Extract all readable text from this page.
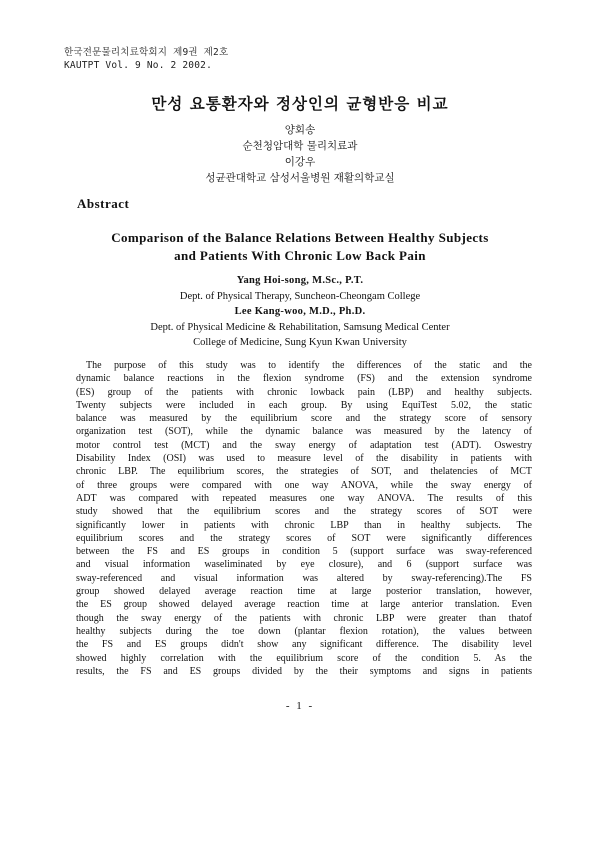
한국전문물리치료학회지 제9권 제2호
KAUTPT Vol. 9 No. 2 2002.
만성 요통환자와 정상인의 균형반응 비교
양회송
순천청암대학 물리치료과
이강우
성균관대학교 삼성서울병원 재활의학교실
Abstract
Comparison of the Balance Relations Between Healthy Subjects
and Patients With Chronic Low Back Pain
Yang Hoi-song, M.Sc., P.T.
Dept. of Physical Therapy, Suncheon-Cheongam College
Lee Kang-woo, M.D., Ph.D.
Dept. of Physical Medicine & Rehabilitation, Samsung Medical Center
College of Medicine, Sung Kyun Kwan University
The purpose of this study was to identify the differences of the static and the
dynamic balance reactions in the flexion syndrome (FS) and the extension syndrome
(ES) group of the patients with chronic lowback pain (LBP) and healthy subjects.
Twenty subjects were included in each group. By using EquiTest 5.02, the static
balance was measured by the equilibrium score and the strategy score of sensory
organization test (SOT), while the dynamic balance was measured by the latency of
motor control test (MCT) and the sway energy of adaptation test (ADT). Oswestry
Disability Index (OSI) was used to measure level of the disability in patients with
chronic LBP. The equilibrium scores, the strategies of SOT, and thelatencies of MCT
of three groups were compared with one way ANOVA, while the sway energy of
ADT was compared with repeated measures one way ANOVA. The results of this
study showed that the equilibrium scores and the strategy scores of SOT were
significantly lower in patients with chronic LBP than in healthy subjects. The
equilibrium scores and the strategy scores of SOT were significantly differences
between the FS and ES groups in condition 5 (support surface was sway-referenced
and visual information waseliminated by eye closure), and 6 (support surface was
sway-referenced and visual information was altered by sway-referencing).The FS
group showed delayed average reaction time at large posterior translation, however,
the ES group showed delayed average reaction time at large anterior translation. Even
though the sway energy of the patients with chronic LBP were greater than thatof
healthy subjects during the toe down (plantar flexion rotation), the values between
the FS and ES groups didn't show any significant difference. The disability level
showed highly correlation with the equilibrium score of the condition 5. As the
results, the FS and ES groups divided by the their symptoms and signs in patients
- 1 -
